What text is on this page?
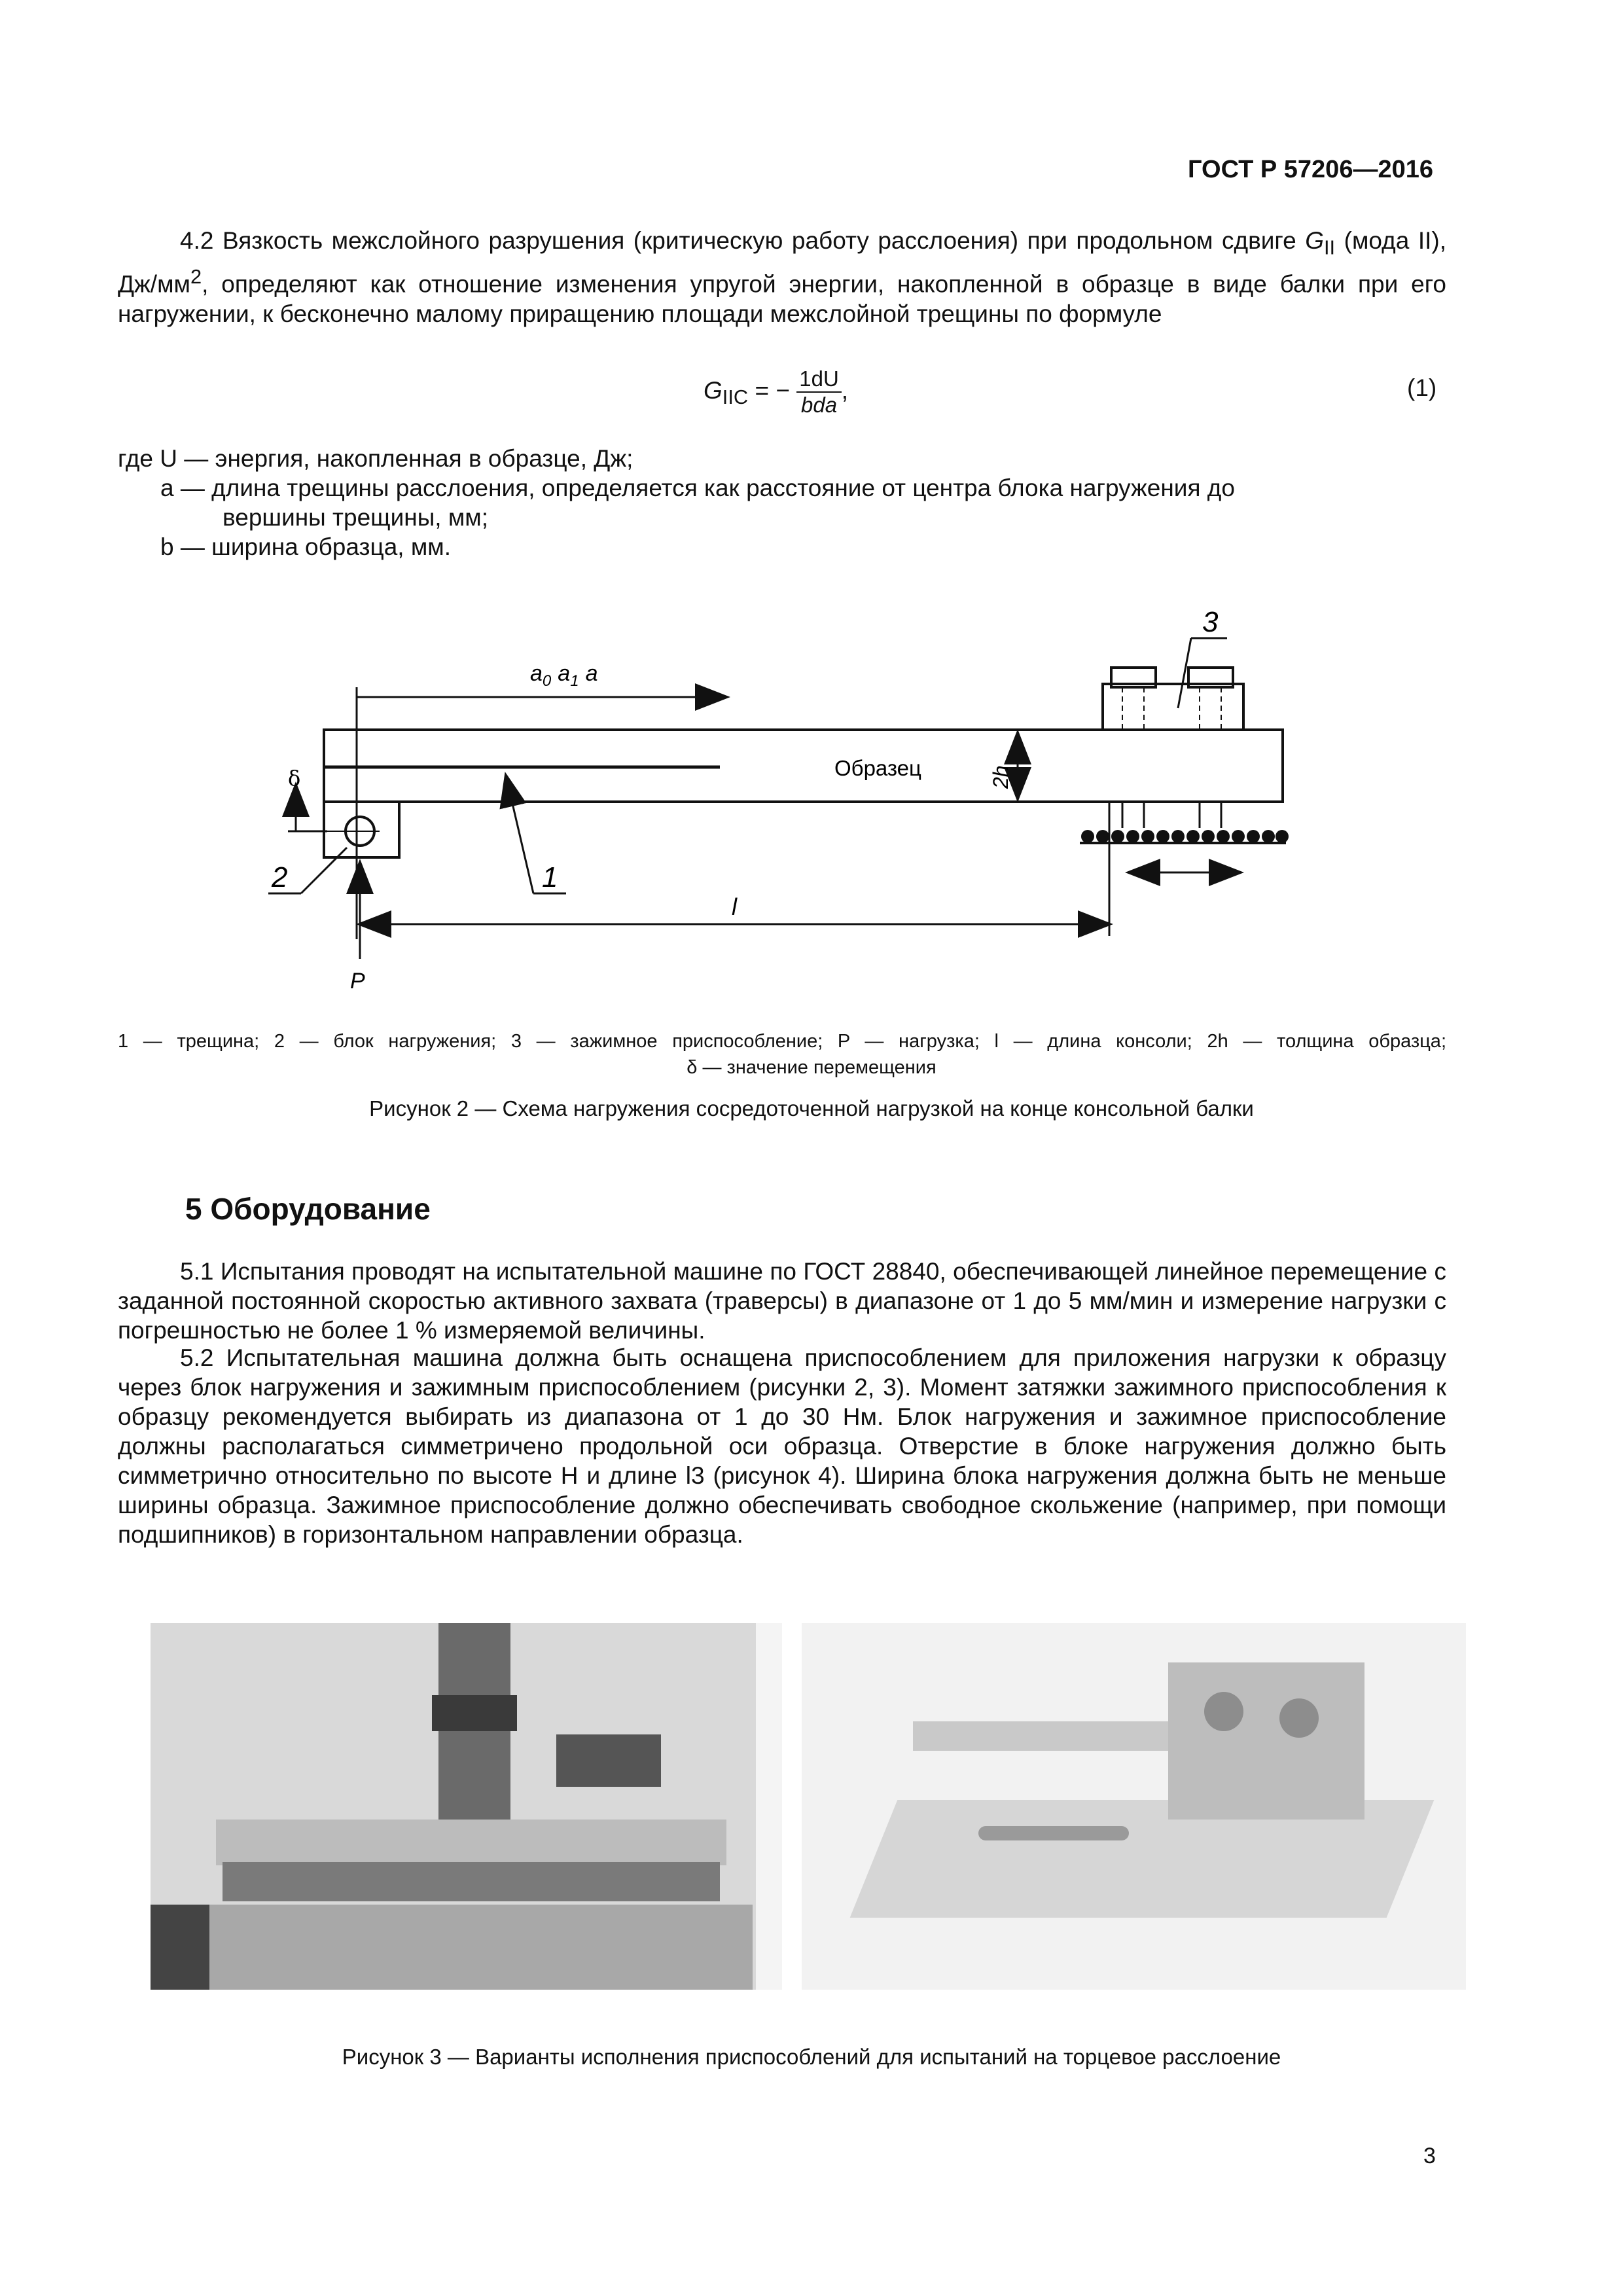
ГОСТ Р 57206—2016
4.2 Вязкость межслойного разрушения (критическую работу расслоения) при продольном сдвиге $G_{II}$ (мода II), $Дж/мм^2$, определяют как отношение изменения упругой энергии, накопленной в образце в виде балки при его нагружении, к бесконечно малому приращению площади межслойной трещины по формуле
$G_{IIC}$ = − $\frac{1dU}{\text{bda}}$ ,	(1)
где U — энергия, накопленная в образце, Дж;
a — длина трещины расслоения, определяется как расстояние от центра блока нагружения до
вершины трещины, мм;
b — ширина образца, мм.
$a_0$ $a_1$ a
δ
2	1
Образец	2h
3
l
P
1 — трещина; 2 — блок нагружения; 3 — зажимное приспособление; P — нагрузка; l — длина консоли; 2h — толщина образца;
δ — значение перемещения
Рисунок 2 — Схема нагружения сосредоточенной нагрузкой на конце консольной балки
5 Оборудование
5.1 Испытания проводят на испытательной машине по ГОСТ 28840, обеспечивающей линейное перемещение с заданной постоянной скоростью активного захвата (траверсы) в диапазоне от 1 до 5 мм/мин и измерение нагрузки с погрешностью не более 1 % измеряемой величины.
5.2 Испытательная машина должна быть оснащена приспособлением для приложения нагрузки к образцу через блок нагружения и зажимным приспособлением (рисунки 2, 3). Момент затяжки зажимного приспособления к образцу рекомендуется выбирать из диапазона от 1 до 30 Нм. Блок нагружения и зажимное приспособление должны располагаться симметричено продольной оси образца. Отверстие в блоке нагружения должно быть симметрично относительно по высоте H и длине l3 (рисунок 4). Ширина блока нагружения должна быть не меньше ширины образца. Зажимное приспособление должно обеспечивать свободное скольжение (например, при помощи подшипников) в горизонтальном направлении образца.
Рисунок 3 — Варианты исполнения приспособлений для испытаний на торцевое расслоение
3
